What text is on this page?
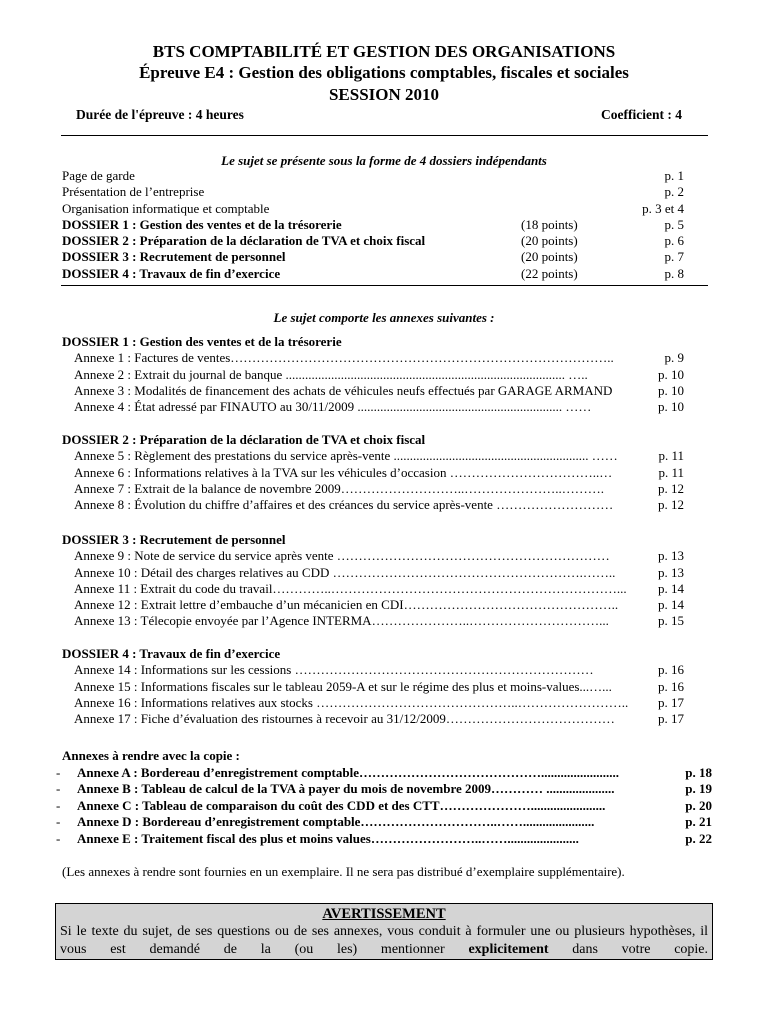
BTS COMPTABILITÉ ET GESTION DES ORGANISATIONS
Épreuve E4 : Gestion des obligations comptables, fiscales et sociales
SESSION 2010
Durée de l'épreuve : 4 heures	Coefficient : 4
Le sujet se présente sous la forme de 4 dossiers indépendants
Page de garde	p. 1
Présentation de l’entreprise	p. 2
Organisation informatique et comptable	p. 3 et 4
DOSSIER 1 : Gestion des ventes et de la trésorerie	(18 points)	p. 5
DOSSIER 2 : Préparation de la déclaration de TVA et choix fiscal	(20 points)	p. 6
DOSSIER 3 : Recrutement de personnel	(20 points)	p. 7
DOSSIER 4 : Travaux de fin d’exercice	(22 points)	p. 8
Le sujet comporte les annexes suivantes :
DOSSIER 1 : Gestion des ventes et de la trésorerie
Annexe 1 : Factures de ventes……………………………………………………………………………..	p. 9
Annexe 2 : Extrait du journal de banque ...................................................................................... …..	p. 10
Annexe 3 : Modalités de financement des achats de véhicules neufs effectués par GARAGE ARMAND	p. 10
Annexe 4 : État adressé par FINAUTO au 30/11/2009 ............................................................... ……	p. 10
DOSSIER 2 : Préparation de la déclaration de TVA et choix fiscal
Annexe 5 : Règlement des prestations du service après-vente ............................................................ ……	p. 11
Annexe 6 : Informations relatives à la TVA sur les véhicules d’occasion ……………………………..…	p. 11
Annexe 7 : Extrait de la balance de novembre 2009………………………..…………………..……….	p. 12
Annexe 8 : Évolution du chiffre d’affaires et des créances du service après-vente ………………………	p. 12
DOSSIER 3 : Recrutement de personnel
Annexe 9 : Note de service du service après vente ………………………………………………………	p. 13
Annexe 10 : Détail des charges relatives au CDD ………………………………………………….……..	p. 13
Annexe 11 : Extrait du code du travail…………..…………………………………………………………...	p. 14
Annexe 12 : Extrait lettre d’embauche d’un mécanicien en CDI…………………………………………..	p. 14
Annexe 13 : Télecopie envoyée par l’Agence INTERMA…………………..…………………………...	p. 15
DOSSIER 4 : Travaux de fin d’exercice
Annexe 14 : Informations sur les cessions ……………………………………………………………	p. 16
Annexe 15 : Informations fiscales sur le tableau 2059-A et sur le régime des plus et moins-values...…...	p. 16
Annexe 16 : Informations relatives aux stocks ………………………………………..……………………..	p. 17
Annexe 17 : Fiche d’évaluation des ristournes à recevoir au 31/12/2009…………………………………	p. 17
Annexes à rendre avec la copie :
- Annexe A : Bordereau d’enregistrement comptable……………………………………........................	p. 18
- Annexe B : Tableau de calcul de la TVA à payer du mois de novembre 2009………… .....................	p. 19
- Annexe C : Tableau de comparaison du coût des CDD et des CTT………………….......................	p. 20
- Annexe D : Bordereau d’enregistrement comptable…………………………..……......................	p. 21
- Annexe E : Traitement fiscal des plus et moins values……………………..……......................	p. 22
(Les annexes à rendre sont fournies en un exemplaire. Il ne sera pas distribué d’exemplaire supplémentaire).
AVERTISSEMENT
Si le texte du sujet, de ses questions ou de ses annexes, vous conduit à formuler une ou plusieurs hypothèses, il vous est demandé de la (ou les) mentionner explicitement dans votre copie.
